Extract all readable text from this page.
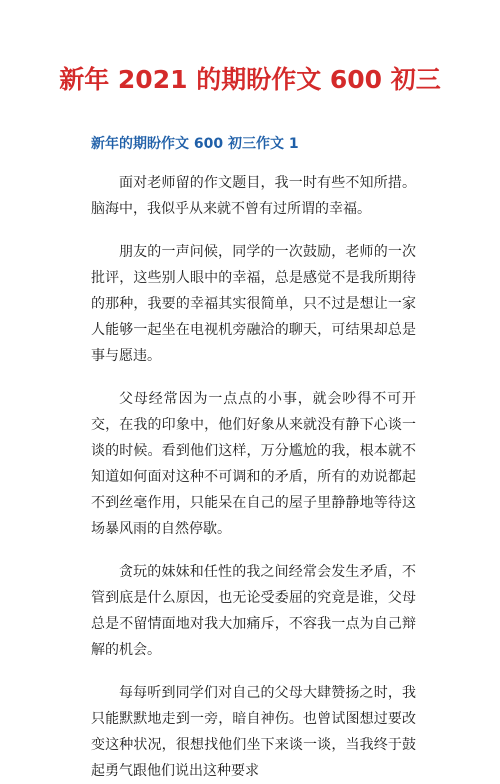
新年 2021 的期盼作文 600 初三
新年的期盼作文 600 初三作文 1

面对老师留的作文题目，我一时有些不知所措。脑海中，我似乎从来就不曾有过所谓的幸福。

朋友的一声问候，同学的一次鼓励，老师的一次批评，这些别人眼中的幸福，总是感觉不是我所期待的那种，我要的幸福其实很简单，只不过是想让一家人能够一起坐在电视机旁融洽的聊天，可结果却总是事与愿违。

父母经常因为一点点的小事，就会吵得不可开交，在我的印象中，他们好象从来就没有静下心谈一谈的时候。看到他们这样，万分尴尬的我，根本就不知道如何面对这种不可调和的矛盾，所有的劝说都起不到丝毫作用，只能呆在自己的屋子里静静地等待这场暴风雨的自然停歇。

贪玩的妹妹和任性的我之间经常会发生矛盾，不管到底是什么原因，也无论受委屈的究竟是谁，父母总是不留情面地对我大加痛斥，不容我一点为自己辩解的机会。

每每听到同学们对自己的父母大肆赞扬之时，我只能默默地走到一旁，暗自神伤。也曾试图想过要改变这种状况，很想找他们坐下来谈一谈，当我终于鼓起勇气跟他们说出这种要求
